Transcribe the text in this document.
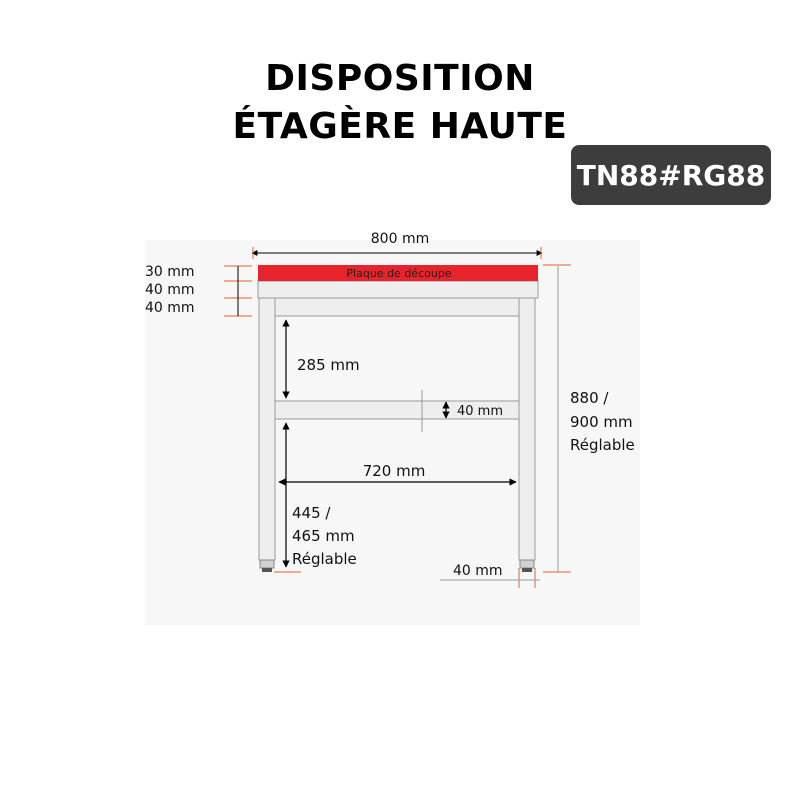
DISPOSITION
ÉTAGÈRE HAUTE
TN88#RG88
Plaque de découpe
800 mm
30 mm
40 mm
40 mm
285 mm
40 mm
720 mm
445 /
465 mm
Réglable
880 /
900 mm
Réglable
40 mm
